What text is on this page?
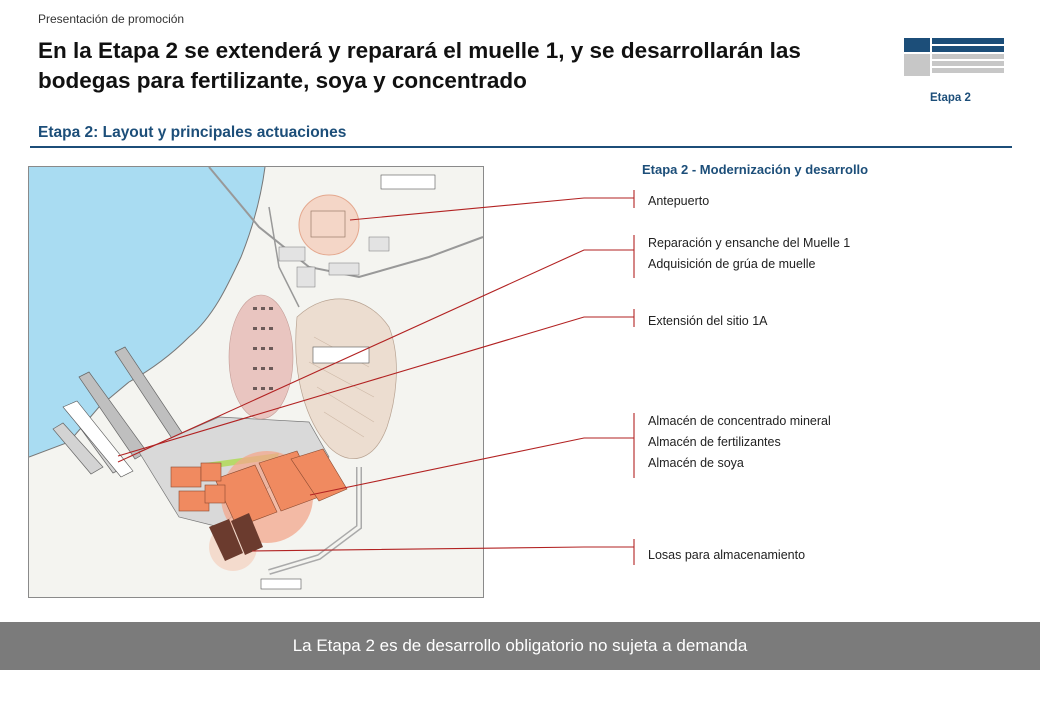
Presentación de promoción
En la Etapa 2 se extenderá y reparará el muelle 1, y se desarrollarán las bodegas para fertilizante, soya y concentrado
Etapa 2
Etapa 2: Layout y principales actuaciones
Etapa 2 - Modernización y desarrollo
Antepuerto
Reparación y ensanche del Muelle 1
Adquisición de grúa de muelle
Extensión del sitio 1A
Almacén de concentrado mineral
Almacén de fertilizantes
Almacén de soya
Losas para almacenamiento
La Etapa 2 es de desarrollo obligatorio no sujeta a demanda
